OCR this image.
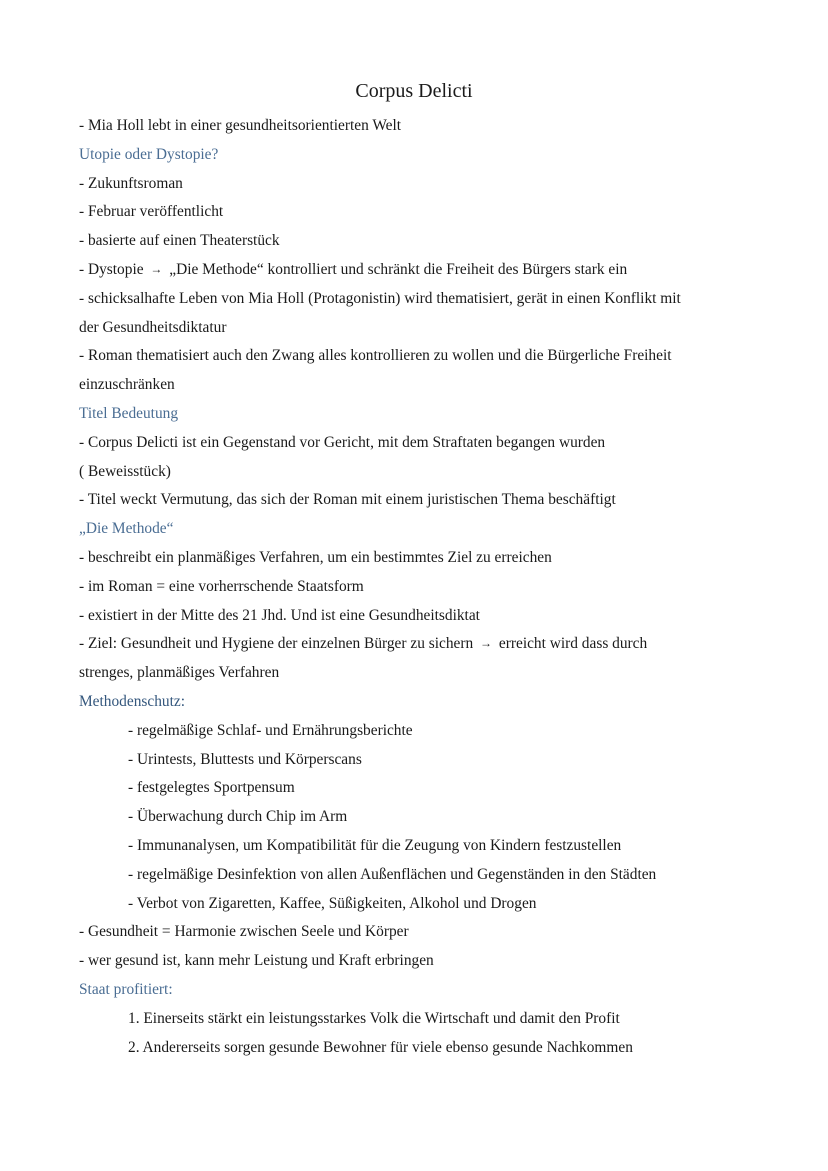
Corpus Delicti
- Mia Holl lebt in einer gesundheitsorientierten Welt
Utopie oder Dystopie?
- Zukunftsroman
- Februar veröffentlicht
- basierte auf einen Theaterstück
- Dystopie → „Die Methode“ kontrolliert und schränkt die Freiheit des Bürgers stark ein
- schicksalhafte Leben von Mia Holl (Protagonistin) wird thematisiert, gerät in einen Konflikt mit
der Gesundheitsdiktatur
- Roman thematisiert auch den Zwang alles kontrollieren zu wollen und die Bürgerliche Freiheit
einzuschränken
Titel Bedeutung
- Corpus Delicti ist ein Gegenstand vor Gericht, mit dem Straftaten begangen wurden
( Beweisstück)
- Titel weckt Vermutung, das sich der Roman mit einem juristischen Thema beschäftigt
„Die Methode“
- beschreibt ein planmäßiges Verfahren, um ein bestimmtes Ziel zu erreichen
- im Roman = eine vorherrschende Staatsform
- existiert in der Mitte des 21 Jhd. Und ist eine Gesundheitsdiktat
- Ziel: Gesundheit und Hygiene der einzelnen Bürger zu sichern → erreicht wird dass durch
strenges, planmäßiges Verfahren
Methodenschutz:
- regelmäßige Schlaf- und Ernährungsberichte
- Urintests, Bluttests und Körperscans
- festgelegtes Sportpensum
- Überwachung durch Chip im Arm
- Immunanalysen, um Kompatibilität für die Zeugung von Kindern festzustellen
- regelmäßige Desinfektion von allen Außenflächen und Gegenständen in den Städten
- Verbot von Zigaretten, Kaffee, Süßigkeiten, Alkohol und Drogen
- Gesundheit = Harmonie zwischen Seele und Körper
- wer gesund ist, kann mehr Leistung und Kraft erbringen
Staat profitiert:
1. Einerseits stärkt ein leistungsstarkes Volk die Wirtschaft und damit den Profit
2. Andererseits sorgen gesunde Bewohner für viele ebenso gesunde Nachkommen
